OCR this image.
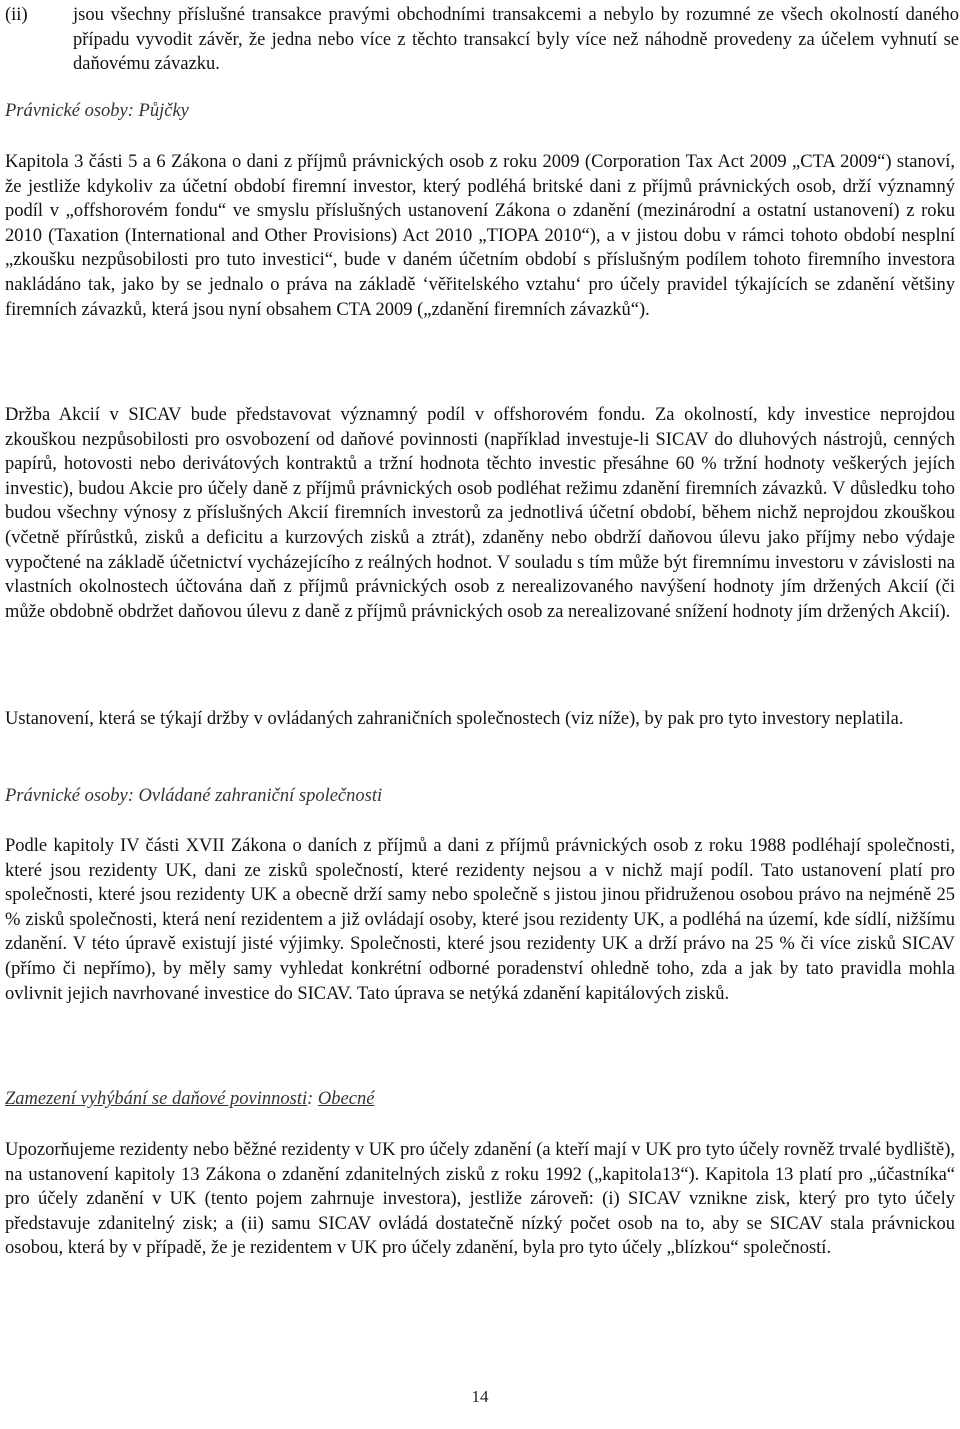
(ii)	jsou všechny příslušné transakce pravými obchodními transakcemi a nebylo by rozumné ze všech okolností daného případu vyvodit závěr, že jedna nebo více z těchto transakcí byly více než náhodně provedeny za účelem vyhnutí se daňovému závazku.
Právnické osoby: Půjčky
Kapitola 3 části 5 a 6 Zákona o dani z příjmů právnických osob z roku 2009 (Corporation Tax Act 2009 „CTA 2009“) stanoví, že jestliže kdykoliv za účetní období firemní investor, který podléhá britské dani z příjmů právnických osob, drží významný podíl v „offshorovém fondu“ ve smyslu příslušných ustanovení Zákona o zdanění (mezinárodní a ostatní ustanovení) z roku 2010 (Taxation (International and Other Provisions) Act 2010 „TIOPA 2010“), a v jistou dobu v rámci tohoto období nesplní „zkoušku nezpůsobilosti pro tuto investici“, bude v daném účetním období s příslušným podílem tohoto firemního investora nakládáno tak, jako by se jednalo o práva na základě ‘věřitelského vztahu‘ pro účely pravidel týkajících se zdanění většiny firemních závazků, která jsou nyní obsahem CTA 2009 („zdanění firemních závazků“).
Držba Akcií v SICAV bude představovat významný podíl v offshorovém fondu. Za okolností, kdy investice neprojdou zkouškou nezpůsobilosti pro osvobození od daňové povinnosti (například investuje-li SICAV do dluhových nástrojů, cenných papírů, hotovosti nebo derivátových kontraktů a tržní hodnota těchto investic přesáhne 60 % tržní hodnoty veškerých jejích investic), budou Akcie pro účely daně z příjmů právnických osob podléhat režimu zdanění firemních závazků. V důsledku toho budou všechny výnosy z příslušných Akcií firemních investorů za jednotlivá účetní období, během nichž neprojdou zkouškou (včetně přírůstků, zisků a deficitu a kurzových zisků a ztrát), zdaněny nebo obdrží daňovou úlevu jako příjmy nebo výdaje vypočtené na základě účetnictví vycházejícího z reálných hodnot. V souladu s tím může být firemnímu investoru v závislosti na vlastních okolnostech účtována daň z příjmů právnických osob z nerealizovaného navýšení hodnoty jím držených Akcií (či může obdobně obdržet daňovou úlevu z daně z příjmů právnických osob za nerealizované snížení hodnoty jím držených Akcií).
Ustanovení, která se týkají držby v ovládaných zahraničních společnostech (viz níže), by pak pro tyto investory neplatila.
Právnické osoby: Ovládané zahraniční společnosti
Podle kapitoly IV části XVII Zákona o daních z příjmů a dani z příjmů právnických osob z roku 1988 podléhají společnosti, které jsou rezidenty UK, dani ze zisků společností, které rezidenty nejsou a v nichž mají podíl. Tato ustanovení platí pro společnosti, které jsou rezidenty UK a obecně drží samy nebo společně s jistou jinou přidruženou osobou právo na nejméně 25 % zisků společnosti, která není rezidentem a již ovládají osoby, které jsou rezidenty UK, a podléhá na území, kde sídlí, nižšímu zdanění. V této úpravě existují jisté výjimky. Společnosti, které jsou rezidenty UK a drží právo na 25 % či více zisků SICAV (přímo či nepřímo), by měly samy vyhledat konkrétní odborné poradenství ohledně toho, zda a jak by tato pravidla mohla ovlivnit jejich navrhované investice do SICAV. Tato úprava se netýká zdanění kapitálových zisků.
Zamezení vyhýbání se daňové povinnosti: Obecné
Upozorňujeme rezidenty nebo běžné rezidenty v UK pro účely zdanění (a kteří mají v UK pro tyto účely rovněž trvalé bydliště), na ustanovení kapitoly 13 Zákona o zdanění zdanitelných zisků z roku 1992 („kapitola13“). Kapitola 13 platí pro „účastníka“ pro účely zdanění v UK (tento pojem zahrnuje investora), jestliže zároveň: (i) SICAV vznikne zisk, který pro tyto účely představuje zdanitelný zisk; a (ii) samu SICAV ovládá dostatečně nízký počet osob na to, aby se SICAV stala právnickou osobou, která by v případě, že je rezidentem v UK pro účely zdanění, byla pro tyto účely „blízkou“ společností.
14
